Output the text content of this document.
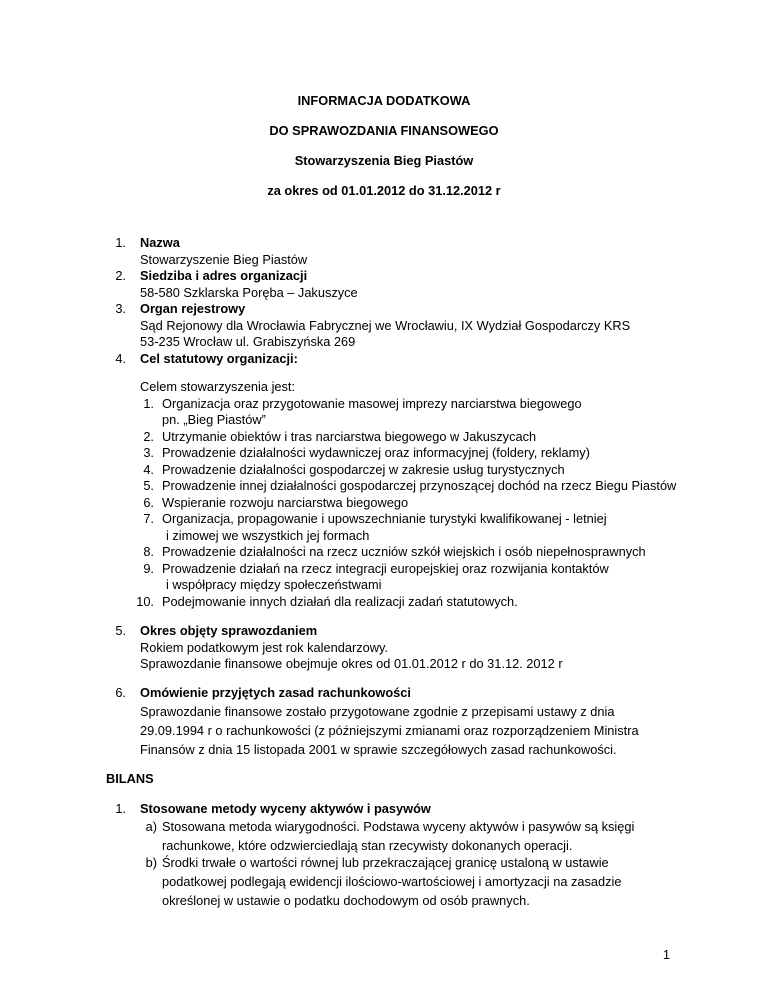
INFORMACJA DODATKOWA
DO SPRAWOZDANIA FINANSOWEGO
Stowarzyszenia Bieg Piastów
za okres od 01.01.2012 do 31.12.2012 r
1. Nazwa
Stowarzyszenie Bieg Piastów
2. Siedziba i adres organizacji
58-580 Szklarska Poręba – Jakuszyce
3. Organ rejestrowy
Sąd Rejonowy dla Wrocławia Fabrycznej we Wrocławiu, IX Wydział Gospodarczy KRS
53-235 Wrocław ul. Grabiszyńska 269
4. Cel statutowy organizacji:
Celem stowarzyszenia jest:
1. Organizacja oraz przygotowanie masowej imprezy narciarstwa biegowego
pn. „Bieg Piastów”
2. Utrzymanie obiektów i tras narciarstwa biegowego w Jakuszycach
3. Prowadzenie działalności wydawniczej oraz informacyjnej (foldery, reklamy)
4. Prowadzenie działalności gospodarczej w zakresie usług turystycznych
5. Prowadzenie innej działalności gospodarczej przynoszącej dochód na rzecz Biegu Piastów
6. Wspieranie rozwoju narciarstwa biegowego
7. Organizacja, propagowanie i upowszechnianie turystyki kwalifikowanej - letniej
i zimowej we wszystkich jej formach
8. Prowadzenie działalności na rzecz uczniów szkół wiejskich i osób niepełnosprawnych
9. Prowadzenie działań na rzecz integracji europejskiej oraz rozwijania kontaktów
i współpracy między społeczeństwami
10. Podejmowanie innych działań dla realizacji zadań statutowych.
5. Okres objęty sprawozdaniem
Rokiem podatkowym jest rok kalendarzowy.
Sprawozdanie finansowe obejmuje okres od 01.01.2012 r do 31.12. 2012 r
6. Omówienie przyjętych zasad rachunkowości
Sprawozdanie finansowe zostało przygotowane zgodnie z przepisami ustawy z dnia
29.09.1994 r o rachunkowości (z późniejszymi zmianami oraz rozporządzeniem Ministra
Finansów z dnia 15 listopada 2001 w sprawie szczegółowych zasad rachunkowości.
BILANS
1. Stosowane metody wyceny aktywów i pasywów
a) Stosowana metoda wiarygodności. Podstawa wyceny aktywów i pasywów są księgi
rachunkowe, które odzwierciedlają stan rzecywisty dokonanych operacji.
b) Środki trwałe o wartości równej lub przekraczającej granicę ustaloną w ustawie
podatkowej podlegają ewidencji ilościowo-wartościowej i amortyzacji na zasadzie
określonej w ustawie o podatku dochodowym od osób prawnych.
1
